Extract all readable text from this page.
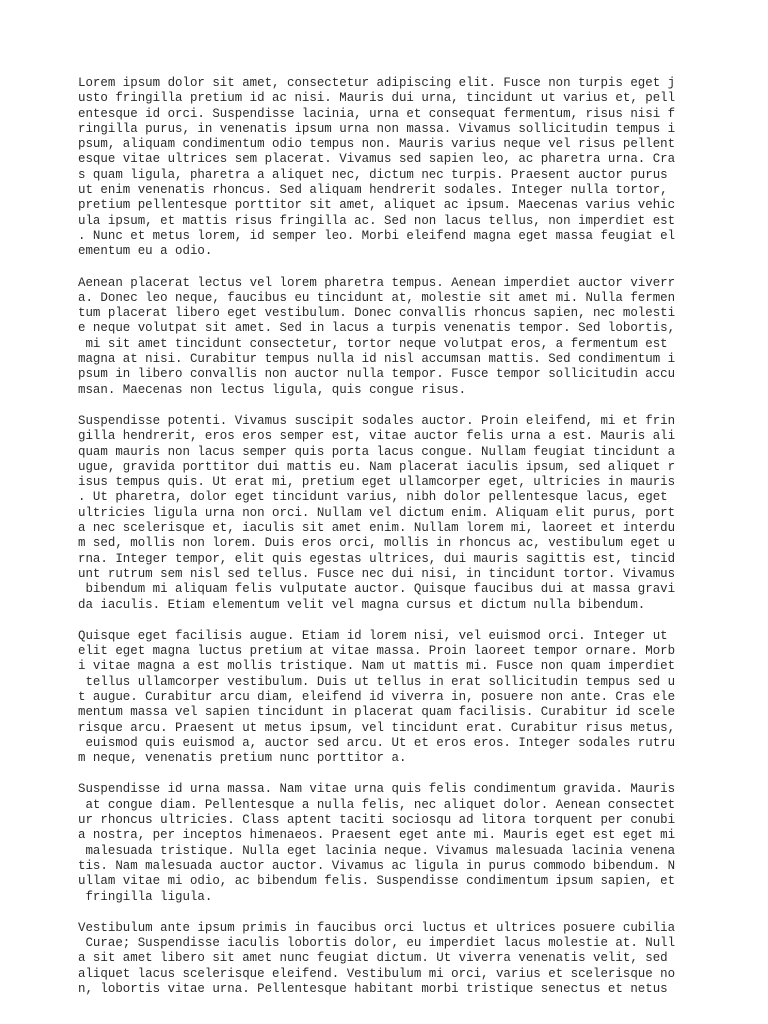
Lorem ipsum dolor sit amet, consectetur adipiscing elit. Fusce non turpis eget j
usto fringilla pretium id ac nisi. Mauris dui urna, tincidunt ut varius et, pell
entesque id orci. Suspendisse lacinia, urna et consequat fermentum, risus nisi f
ringilla purus, in venenatis ipsum urna non massa. Vivamus sollicitudin tempus i
psum, aliquam condimentum odio tempus non. Mauris varius neque vel risus pellent
esque vitae ultrices sem placerat. Vivamus sed sapien leo, ac pharetra urna. Cra
s quam ligula, pharetra a aliquet nec, dictum nec turpis. Praesent auctor purus
ut enim venenatis rhoncus. Sed aliquam hendrerit sodales. Integer nulla tortor,
pretium pellentesque porttitor sit amet, aliquet ac ipsum. Maecenas varius vehic
ula ipsum, et mattis risus fringilla ac. Sed non lacus tellus, non imperdiet est
. Nunc et metus lorem, id semper leo. Morbi eleifend magna eget massa feugiat el
ementum eu a odio.
Aenean placerat lectus vel lorem pharetra tempus. Aenean imperdiet auctor viverr
a. Donec leo neque, faucibus eu tincidunt at, molestie sit amet mi. Nulla fermen
tum placerat libero eget vestibulum. Donec convallis rhoncus sapien, nec molesti
e neque volutpat sit amet. Sed in lacus a turpis venenatis tempor. Sed lobortis,
mi sit amet tincidunt consectetur, tortor neque volutpat eros, a fermentum est
magna at nisi. Curabitur tempus nulla id nisl accumsan mattis. Sed condimentum i
psum in libero convallis non auctor nulla tempor. Fusce tempor sollicitudin accu
msan. Maecenas non lectus ligula, quis congue risus.
Suspendisse potenti. Vivamus suscipit sodales auctor. Proin eleifend, mi et frin
gilla hendrerit, eros eros semper est, vitae auctor felis urna a est. Mauris ali
quam mauris non lacus semper quis porta lacus congue. Nullam feugiat tincidunt a
ugue, gravida porttitor dui mattis eu. Nam placerat iaculis ipsum, sed aliquet r
isus tempus quis. Ut erat mi, pretium eget ullamcorper eget, ultricies in mauris
. Ut pharetra, dolor eget tincidunt varius, nibh dolor pellentesque lacus, eget
ultricies ligula urna non orci. Nullam vel dictum enim. Aliquam elit purus, port
a nec scelerisque et, iaculis sit amet enim. Nullam lorem mi, laoreet et interdu
m sed, mollis non lorem. Duis eros orci, mollis in rhoncus ac, vestibulum eget u
rna. Integer tempor, elit quis egestas ultrices, dui mauris sagittis est, tincid
unt rutrum sem nisl sed tellus. Fusce nec dui nisi, in tincidunt tortor. Vivamus
bibendum mi aliquam felis vulputate auctor. Quisque faucibus dui at massa gravi
da iaculis. Etiam elementum velit vel magna cursus et dictum nulla bibendum.
Quisque eget facilisis augue. Etiam id lorem nisi, vel euismod orci. Integer ut
elit eget magna luctus pretium at vitae massa. Proin laoreet tempor ornare. Morb
i vitae magna a est mollis tristique. Nam ut mattis mi. Fusce non quam imperdiet
tellus ullamcorper vestibulum. Duis ut tellus in erat sollicitudin tempus sed u
t augue. Curabitur arcu diam, eleifend id viverra in, posuere non ante. Cras ele
mentum massa vel sapien tincidunt in placerat quam facilisis. Curabitur id scele
risque arcu. Praesent ut metus ipsum, vel tincidunt erat. Curabitur risus metus,
euismod quis euismod a, auctor sed arcu. Ut et eros eros. Integer sodales rutru
m neque, venenatis pretium nunc porttitor a.
Suspendisse id urna massa. Nam vitae urna quis felis condimentum gravida. Mauris
at congue diam. Pellentesque a nulla felis, nec aliquet dolor. Aenean consectet
ur rhoncus ultricies. Class aptent taciti sociosqu ad litora torquent per conubi
a nostra, per inceptos himenaeos. Praesent eget ante mi. Mauris eget est eget mi
malesuada tristique. Nulla eget lacinia neque. Vivamus malesuada lacinia venena
tis. Nam malesuada auctor auctor. Vivamus ac ligula in purus commodo bibendum. N
ullam vitae mi odio, ac bibendum felis. Suspendisse condimentum ipsum sapien, et
fringilla ligula.
Vestibulum ante ipsum primis in faucibus orci luctus et ultrices posuere cubilia
Curae; Suspendisse iaculis lobortis dolor, eu imperdiet lacus molestie at. Null
a sit amet libero sit amet nunc feugiat dictum. Ut viverra venenatis velit, sed
aliquet lacus scelerisque eleifend. Vestibulum mi orci, varius et scelerisque no
n, lobortis vitae urna. Pellentesque habitant morbi tristique senectus et netus
